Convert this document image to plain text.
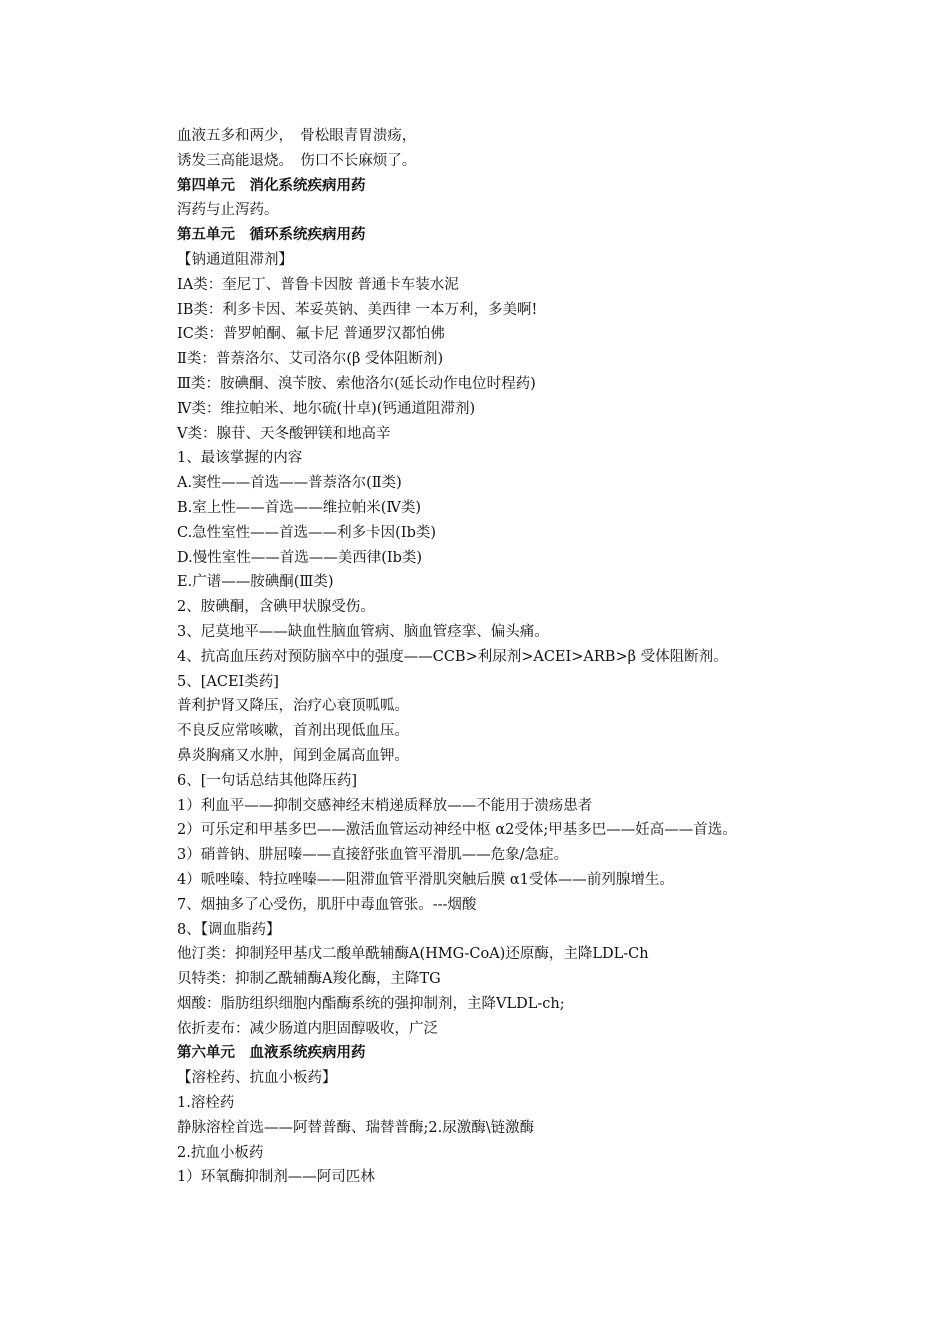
血液五多和两少，　骨松眼青胃溃疡，
诱发三高能退烧。　伤口不长麻烦了。
第四单元　消化系统疾病用药
泻药与止泻药。
第五单元　循环系统疾病用药
【钠通道阻滞剂】
ⅠA类：奎尼丁、普鲁卡因胺 普通卡车装水泥
ⅠB类：利多卡因、苯妥英钠、美西律 一本万利，多美啊!
ⅠC类：普罗帕酮、氟卡尼 普通罗汉都怕佛
Ⅱ类：普萘洛尔、艾司洛尔(β 受体阻断剂)
Ⅲ类：胺碘酮、溴苄胺、索他洛尔(延长动作电位时程药)
Ⅳ类：维拉帕米、地尔硫(卄卓)(钙通道阻滞剂)
Ⅴ类：腺苷、天冬酸钾镁和地高辛
1、最该掌握的内容
A.窦性——首选——普萘洛尔(Ⅱ类)
B.室上性——首选——维拉帕米(Ⅳ类)
C.急性室性——首选——利多卡因(Ⅰb类)
D.慢性室性——首选——美西律(Ⅰb类)
E.广谱——胺碘酮(Ⅲ类)
2、胺碘酮，含碘甲状腺受伤。
3、尼莫地平——缺血性脑血管病、脑血管痉挛、偏头痛。
4、抗高血压药对预防脑卒中的强度——CCB>利尿剂>ACEI>ARB>β 受体阻断剂。
5、[ACEI类药]
普利护肾又降压，治疗心衰顶呱呱。
不良反应常咳嗽，首剂出现低血压。
鼻炎胸痛又水肿，闻到金属高血钾。
6、[一句话总结其他降压药]
1）利血平——抑制交感神经末梢递质释放——不能用于溃疡患者
2）可乐定和甲基多巴——激活血管运动神经中枢 α2受体;甲基多巴——妊高——首选。
3）硝普钠、肼屈嗪——直接舒张血管平滑肌——危象/急症。
4）哌唑嗪、特拉唑嗪——阻滞血管平滑肌突触后膜 α1受体——前列腺增生。
7、烟抽多了心受伤，肌肝中毒血管张。---烟酸
8、【调血脂药】
他汀类：抑制羟甲基戊二酸单酰辅酶A(HMG-CoA)还原酶，主降LDL-Ch
贝特类：抑制乙酰辅酶A羧化酶，主降TG
烟酸：脂肪组织细胞内酯酶系统的强抑制剂，主降VLDL-ch;
依折麦布：减少肠道内胆固醇吸收，广泛
第六单元　血液系统疾病用药
【溶栓药、抗血小板药】
1.溶栓药
静脉溶栓首选——阿替普酶、瑞替普酶;2.尿激酶\链激酶
2.抗血小板药
1）环氧酶抑制剂——阿司匹林
